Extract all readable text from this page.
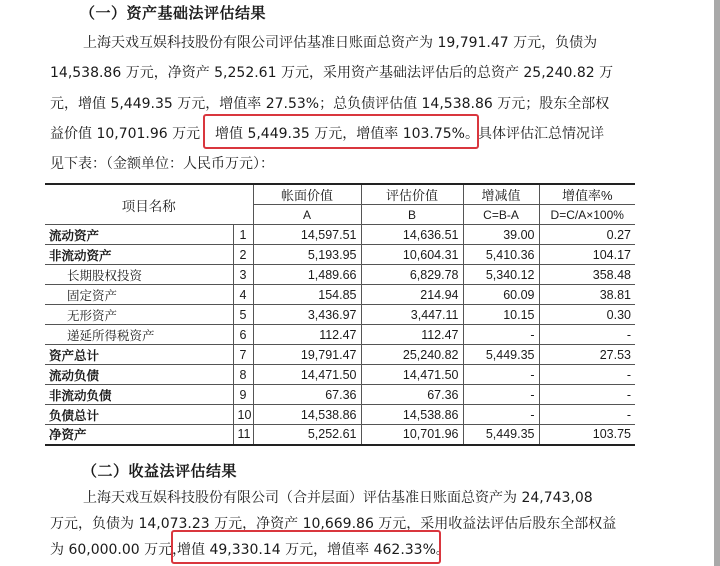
（一）资产基础法评估结果
上海天戏互娱科技股份有限公司评估基准日账面总资产为 19,791.47 万元，负债为
14,538.86 万元，净资产 5,252.61 万元，采用资产基础法评估后的总资产 25,240.82 万
元，增值 5,449.35 万元，增值率 27.53%；总负债评估值 14,538.86 万元；股东全部权
益价值 10,701.96 万元 增值 5,449.35 万元，增值率 103.75%。 具体评估汇总情况详
见下表：（金额单位：人民币万元）：
项目名称		帐面价值	评估价值	增减值	增值率%
		A	B	C=B-A	D=C/A×100%
流动资产	1	14,597.51	14,636.51	39.00	0.27
非流动资产	2	5,193.95	10,604.31	5,410.36	104.17
长期股权投资	3	1,489.66	6,829.78	5,340.12	358.48
固定资产	4	154.85	214.94	60.09	38.81
无形资产	5	3,436.97	3,447.11	10.15	0.30
递延所得税资产	6	112.47	112.47	-	-
资产总计	7	19,791.47	25,240.82	5,449.35	27.53
流动负债	8	14,471.50	14,471.50	-	-
非流动负债	9	67.36	67.36	-	-
负债总计	10	14,538.86	14,538.86	-	-
净资产	11	5,252.61	10,701.96	5,449.35	103.75
（二）收益法评估结果
上海天戏互娱科技股份有限公司（合并层面）评估基准日账面总资产为 24,743,08
万元，负债为 14,073.23 万元，净资产 10,669.86 万元，采用收益法评估后股东全部权益
为 60,000.00 万元，
增值 49,330.14 万元，增值率 462.33%。
